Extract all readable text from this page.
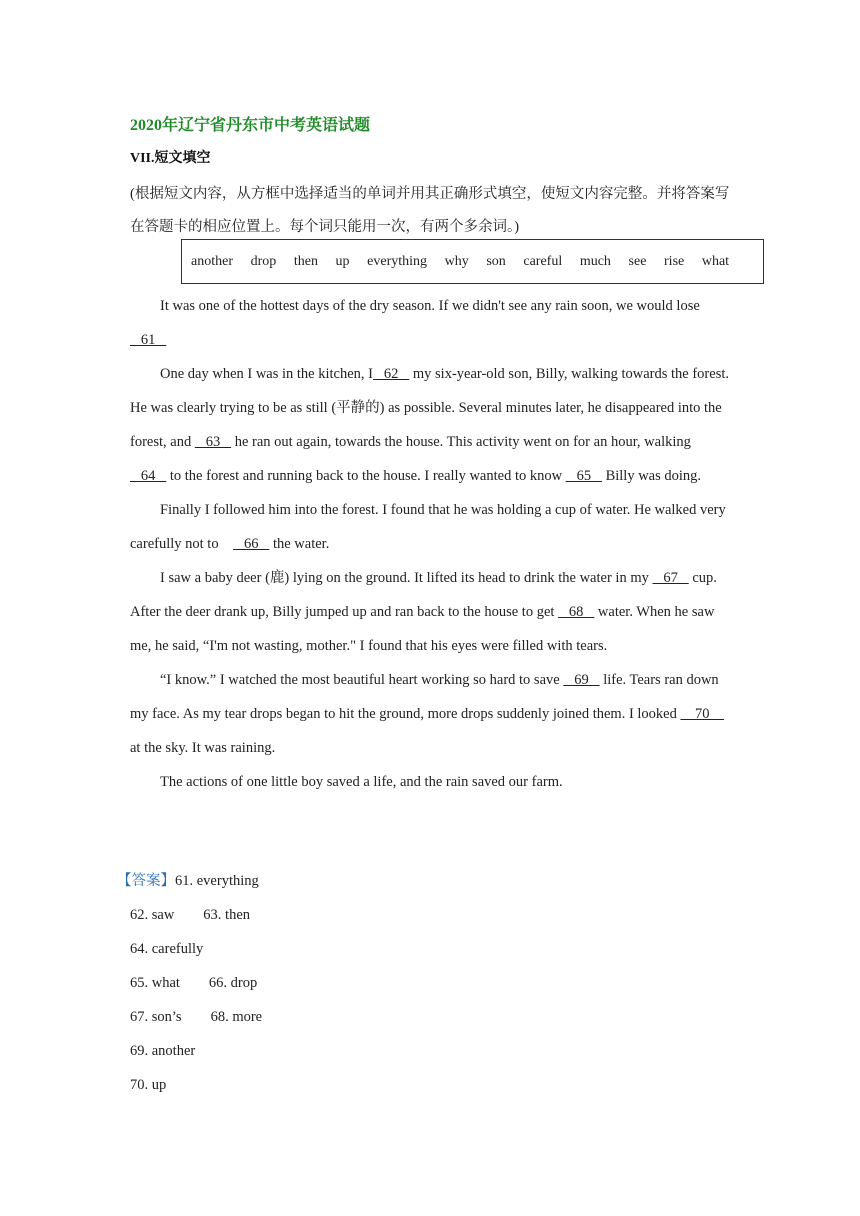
2020年辽宁省丹东市中考英语试题
VII.短文填空
(根据短文内容，从方框中选择适当的单词并用其正确形式填空，使短文内容完整。并将答案写在答题卡的相应位置上。每个词只能用一次，有两个多余词。)
another drop then up everything why son careful much see rise what

It was one of the hottest days of the dry season. If we didn't see any rain soon, we would lose
61

One day when I was in the kitchen, I   62    my six-year-old son, Billy, walking towards the forest. He was clearly trying to be as still (平静的) as possible. Several minutes later, he disappeared into the forest, and    63    he ran out again, towards the house. This activity went on for an hour, walking    64    to the forest and running back to the house. I really wanted to know    65    Billy was doing.

Finally I followed him into the forest. I found that he was holding a cup of water. He walked very carefully not to       66    the water.

I saw a baby deer (鹿) lying on the ground. It lifted its head to drink the water in my    67    cup. After the deer drank up, Billy jumped up and ran back to the house to get    68    water. When he saw me, he said, “I'm not wasting, mother." I found that his eyes were filled with tears.

“I know.” I watched the most beautiful heart working so hard to save    69    life. Tears ran down my face. As my tear drops began to hit the ground, more drops suddenly joined them. I looked     70     at the sky. It was raining.

The actions of one little boy saved a life, and the rain saved our farm.

【答案】61. everything
62. saw        63. then
64. carefully
65. what        66. drop
67. son’s        68. more
69. another
70. up
